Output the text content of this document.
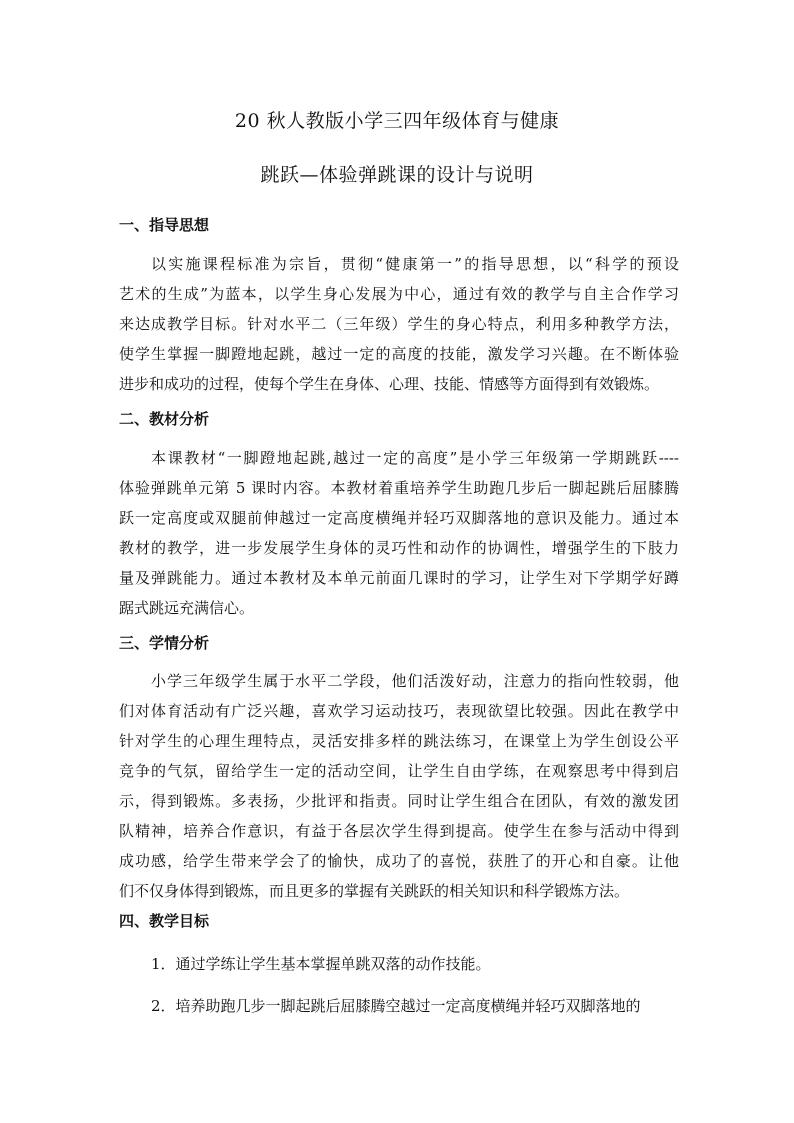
20 秋人教版小学三四年级体育与健康
跳跃—体验弹跳课的设计与说明
一、指导思想
以实施课程标准为宗旨，贯彻“健康第一”的指导思想，以“科学的预设
艺术的生成”为蓝本，以学生身心发展为中心，通过有效的教学与自主合作学习
来达成教学目标。针对水平二（三年级）学生的身心特点，利用多种教学方法，
使学生掌握一脚蹬地起跳，越过一定的高度的技能，激发学习兴趣。在不断体验
进步和成功的过程，使每个学生在身体、心理、技能、情感等方面得到有效锻炼。
二、教材分析
本课教材“一脚蹬地起跳,越过一定的高度”是小学三年级第一学期跳跃----
体验弹跳单元第 5 课时内容。本教材着重培养学生助跑几步后一脚起跳后屈膝腾
跃一定高度或双腿前伸越过一定高度横绳并轻巧双脚落地的意识及能力。通过本
教材的教学，进一步发展学生身体的灵巧性和动作的协调性，增强学生的下肢力
量及弹跳能力。通过本教材及本单元前面几课时的学习，让学生对下学期学好蹲
踞式跳远充满信心。
三、学情分析
小学三年级学生属于水平二学段，他们活泼好动，注意力的指向性较弱，他
们对体育活动有广泛兴趣，喜欢学习运动技巧，表现欲望比较强。因此在教学中
针对学生的心理生理特点，灵活安排多样的跳法练习，在课堂上为学生创设公平
竞争的气氛，留给学生一定的活动空间，让学生自由学练，在观察思考中得到启
示，得到锻炼。多表扬，少批评和指责。同时让学生组合在团队，有效的激发团
队精神，培养合作意识，有益于各层次学生得到提高。使学生在参与活动中得到
成功感，给学生带来学会了的愉快，成功了的喜悦，获胜了的开心和自豪。让他
们不仅身体得到锻炼，而且更多的掌握有关跳跃的相关知识和科学锻炼方法。
四、教学目标
1．通过学练让学生基本掌握单跳双落的动作技能。
2．培养助跑几步一脚起跳后屈膝腾空越过一定高度横绳并轻巧双脚落地的
